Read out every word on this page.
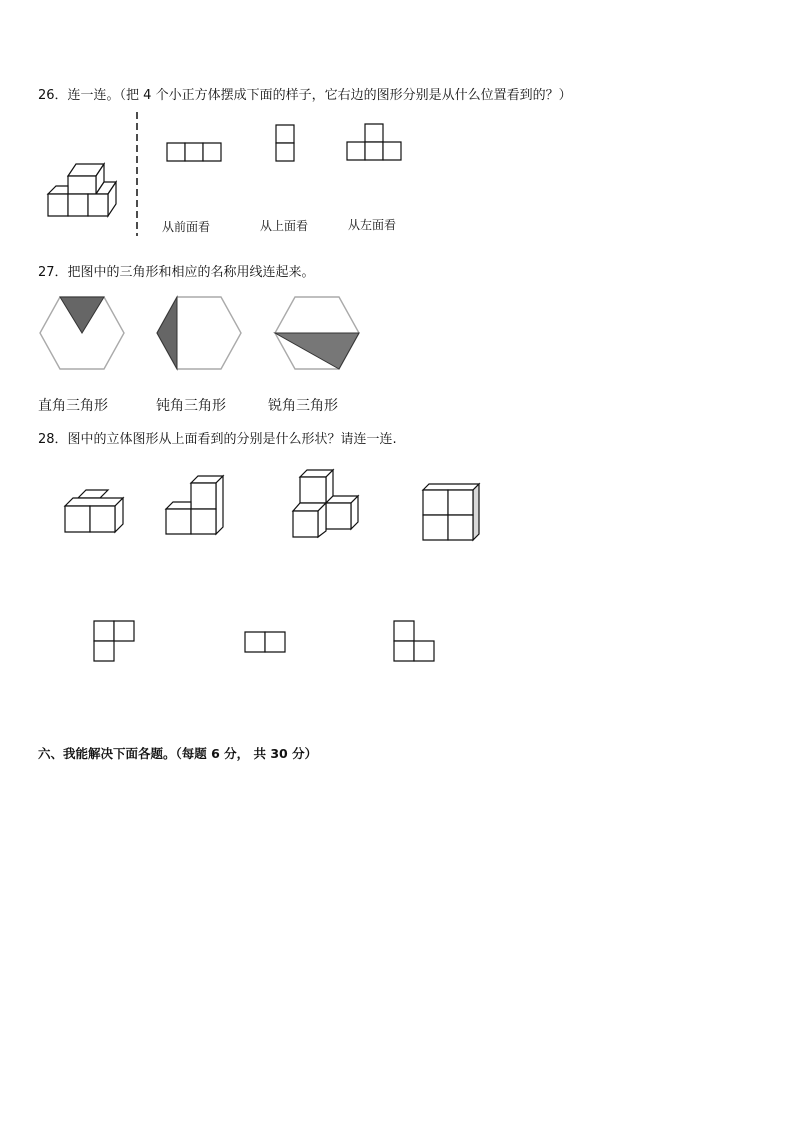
26．连一连。（把 4 个小正方体摆成下面的样子，它右边的图形分别是从什么位置看到的？）
从前面看	从上面看	从左面看
27．把图中的三角形和相应的名称用线连起来。
直角三角形	钝角三角形	锐角三角形
28．图中的立体图形从上面看到的分别是什么形状？请连一连.
六、我能解决下面各题。（每题 6 分， 共 30 分）
